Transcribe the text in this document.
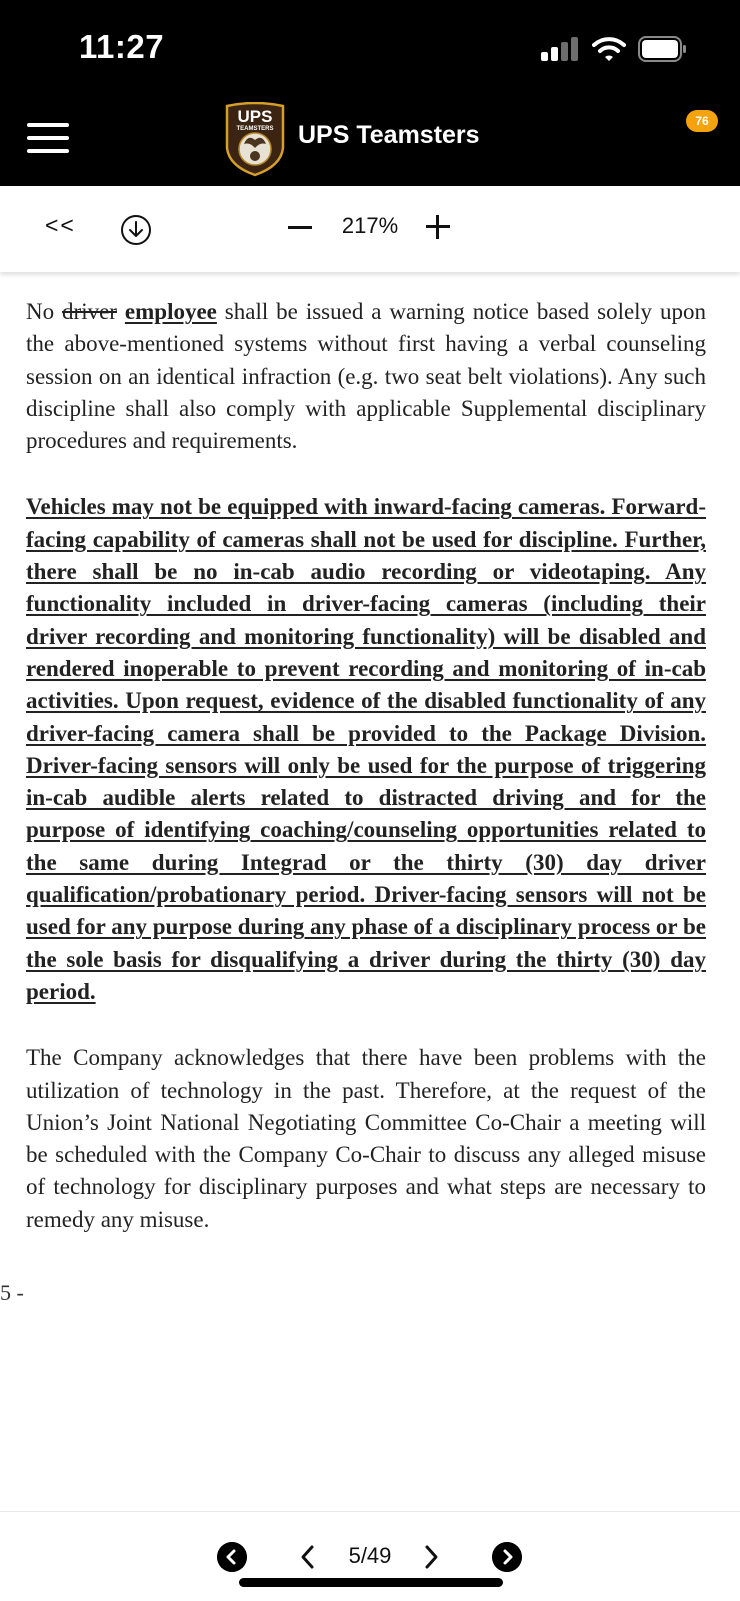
11:27
UPS
TEAMSTERS UPS Teamsters	76
<<	217%

No driver employee shall be issued a warning notice based solely upon the above-mentioned systems without first having a verbal counseling session on an identical infraction (e.g. two seat belt violations). Any such discipline shall also comply with applicable Supplemental disciplinary procedures and requirements.

Vehicles may not be equipped with inward-facing cameras. Forward-facing capability of cameras shall not be used for discipline. Further, there shall be no in-cab audio recording or videotaping. Any functionality included in driver-facing cameras (including their driver recording and monitoring functionality) will be disabled and rendered inoperable to prevent recording and monitoring of in-cab activities. Upon request, evidence of the disabled functionality of any driver-facing camera shall be provided to the Package Division. Driver-facing sensors will only be used for the purpose of triggering in-cab audible alerts related to distracted driving and for the purpose of identifying coaching/counseling opportunities related to the same during Integrad or the thirty (30) day driver qualification/probationary period. Driver-facing sensors will not be used for any purpose during any phase of a disciplinary process or be the sole basis for disqualifying a driver during the thirty (30) day period.

The Company acknowledges that there have been problems with the utilization of technology in the past. Therefore, at the request of the Union’s Joint National Negotiating Committee Co-Chair a meeting will be scheduled with the Company Co-Chair to discuss any alleged misuse of technology for disciplinary purposes and what steps are necessary to remedy any misuse.

5 -
5/49
